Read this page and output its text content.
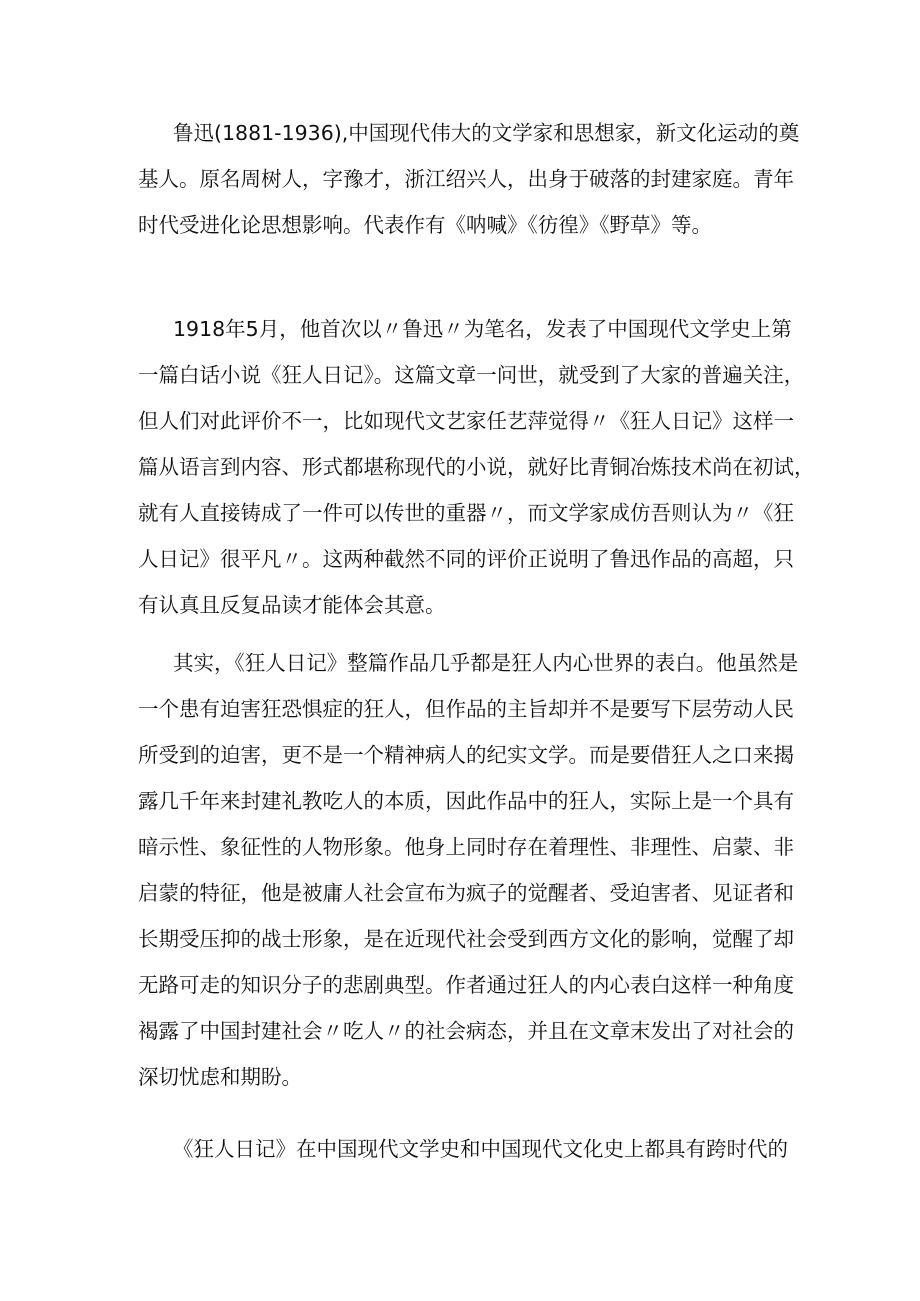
鲁迅(1881-1936),中国现代伟大的文学家和思想家，新文化运动的奠
基人。原名周树人，字豫才，浙江绍兴人，出身于破落的封建家庭。青年
时代受进化论思想影响。代表作有《呐喊》《彷徨》《野草》等。
1918年5月，他首次以〃鲁迅〃为笔名，发表了中国现代文学史上第
一篇白话小说《狂人日记》。这篇文章一问世，就受到了大家的普遍关注，
但人们对此评价不一，比如现代文艺家任艺萍觉得〃《狂人日记》这样一
篇从语言到内容、形式都堪称现代的小说，就好比青铜冶炼技术尚在初试，
就有人直接铸成了一件可以传世的重器〃，而文学家成仿吾则认为〃《狂
人日记》很平凡〃。这两种截然不同的评价正说明了鲁迅作品的高超，只
有认真且反复品读才能体会其意。
其实，《狂人日记》整篇作品几乎都是狂人内心世界的表白。他虽然是
一个患有迫害狂恐惧症的狂人，但作品的主旨却并不是要写下层劳动人民
所受到的迫害，更不是一个精神病人的纪实文学。而是要借狂人之口来揭
露几千年来封建礼教吃人的本质，因此作品中的狂人，实际上是一个具有
暗示性、象征性的人物形象。他身上同时存在着理性、非理性、启蒙、非
启蒙的特征，他是被庸人社会宣布为疯子的觉醒者、受迫害者、见证者和
长期受压抑的战士形象，是在近现代社会受到西方文化的影响，觉醒了却
无路可走的知识分子的悲剧典型。作者通过狂人的内心表白这样一种角度
褐露了中国封建社会〃吃人〃的社会病态，并且在文章末发出了对社会的
深切忧虑和期盼。
《狂人日记》在中国现代文学史和中国现代文化史上都具有跨时代的
